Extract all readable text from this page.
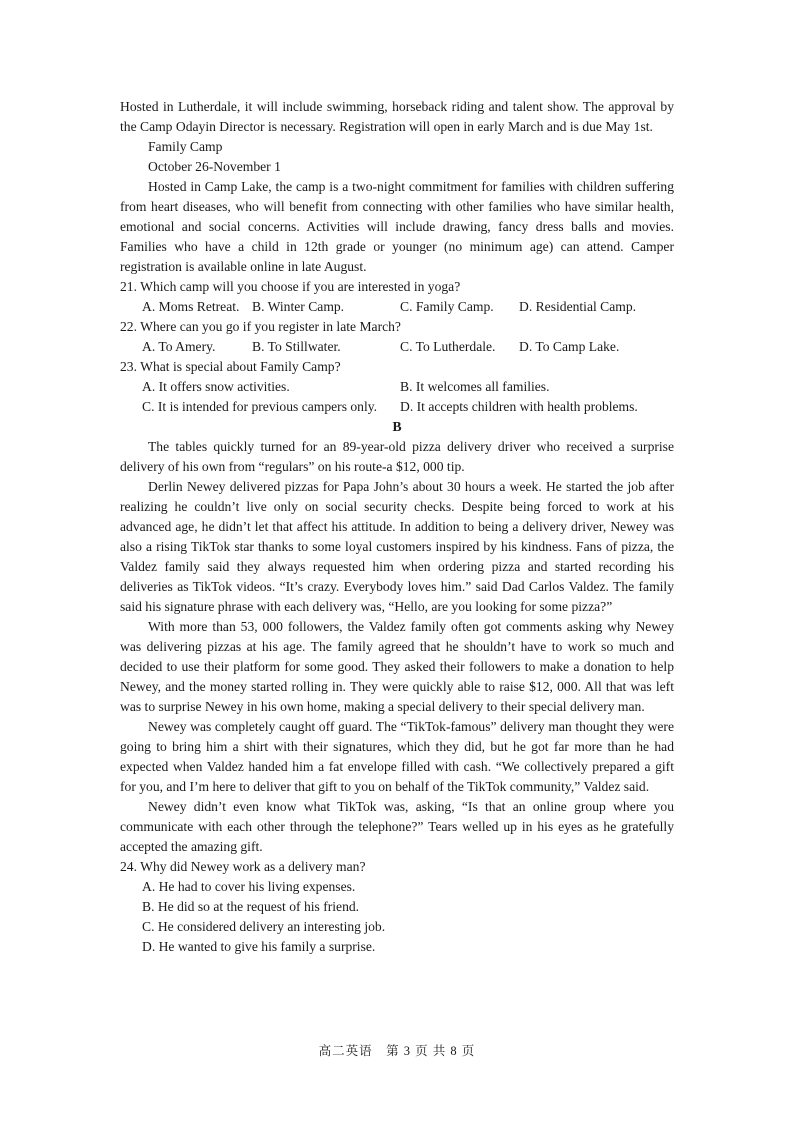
Hosted in Lutherdale, it will include swimming, horseback riding and talent show. The approval by the Camp Odayin Director is necessary. Registration will open in early March and is due May 1st.

Family Camp

October 26-November 1

Hosted in Camp Lake, the camp is a two-night commitment for families with children suffering from heart diseases, who will benefit from connecting with other families who have similar health, emotional and social concerns. Activities will include drawing, fancy dress balls and movies. Families who have a child in 12th grade or younger (no minimum age) can attend. Camper registration is available online in late August.

21. Which camp will you choose if you are interested in yoga?

A. Moms Retreat. B. Winter Camp.	C. Family Camp. D. Residential Camp.

22. Where can you go if you register in late March?

A. To Amery.	B. To Stillwater.	C. To Lutherdale. D. To Camp Lake.

23. What is special about Family Camp?

A. It offers snow activities.	B. It welcomes all families.
C. It is intended for previous campers only. D. It accepts children with health problems.

B

The tables quickly turned for an 89-year-old pizza delivery driver who received a surprise delivery of his own from “regulars” on his route-a $12, 000 tip.

Derlin Newey delivered pizzas for Papa John’s about 30 hours a week. He started the job after realizing he couldn’t live only on social security checks. Despite being forced to work at his advanced age, he didn’t let that affect his attitude. In addition to being a delivery driver, Newey was also a rising TikTok star thanks to some loyal customers inspired by his kindness. Fans of pizza, the Valdez family said they always requested him when ordering pizza and started recording his deliveries as TikTok videos. “It’s crazy. Everybody loves him.” said Dad Carlos Valdez. The family said his signature phrase with each delivery was, “Hello, are you looking for some pizza?”

With more than 53, 000 followers, the Valdez family often got comments asking why Newey was delivering pizzas at his age. The family agreed that he shouldn’t have to work so much and decided to use their platform for some good. They asked their followers to make a donation to help Newey, and the money started rolling in. They were quickly able to raise $12, 000. All that was left was to surprise Newey in his own home, making a special delivery to their special delivery man.

Newey was completely caught off guard. The “TikTok-famous” delivery man thought they were going to bring him a shirt with their signatures, which they did, but he got far more than he had expected when Valdez handed him a fat envelope filled with cash. “We collectively prepared a gift for you, and I’m here to deliver that gift to you on behalf of the TikTok community,” Valdez said.

Newey didn’t even know what TikTok was, asking, “Is that an online group where you communicate with each other through the telephone?” Tears welled up in his eyes as he gratefully accepted the amazing gift.

24. Why did Newey work as a delivery man?

A. He had to cover his living expenses.

B. He did so at the request of his friend.

C. He considered delivery an interesting job.

D. He wanted to give his family a surprise.

高二英语　第 3 页 共 8 页
